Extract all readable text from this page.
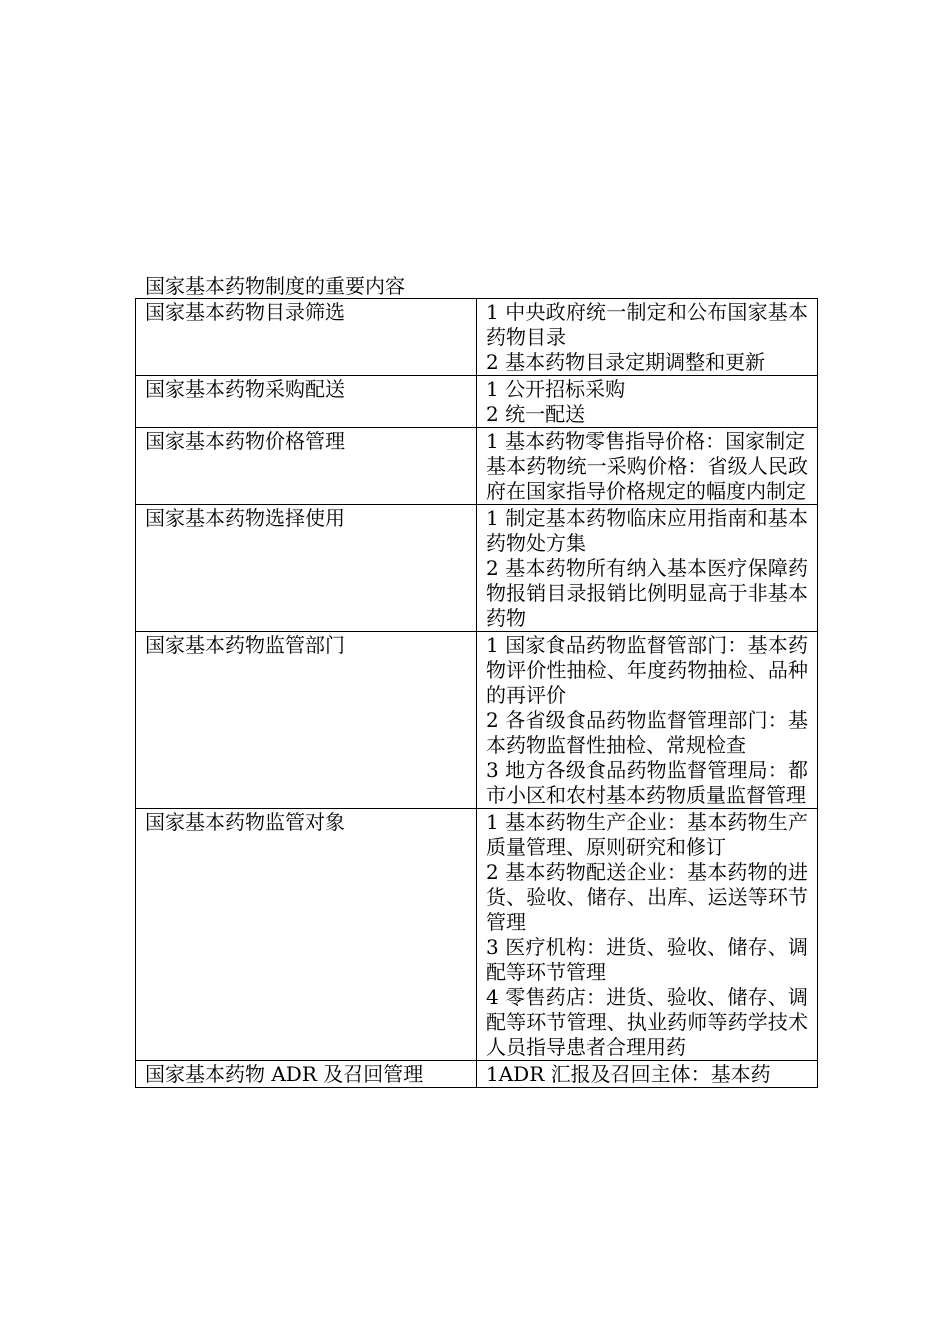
国家基本药物制度的重要内容
国家基本药物目录筛选	1 中央政府统一制定和公布国家基本药物目录
2 基本药物目录定期调整和更新

国家基本药物采购配送	1 公开招标采购
2 统一配送

国家基本药物价格管理	1 基本药物零售指导价格：国家制定
基本药物统一采购价格：省级人民政府在国家指导价格规定的幅度内制定

国家基本药物选择使用	1 制定基本药物临床应用指南和基本药物处方集
2 基本药物所有纳入基本医疗保障药物报销目录报销比例明显高于非基本药物

国家基本药物监管部门	1 国家食品药物监督管部门：基本药物评价性抽检、年度药物抽检、品种的再评价
2 各省级食品药物监督管理部门：基本药物监督性抽检、常规检查
3 地方各级食品药物监督管理局：都市小区和农村基本药物质量监督管理

国家基本药物监管对象	1 基本药物生产企业：基本药物生产质量管理、原则研究和修订
2 基本药物配送企业：基本药物的进货、验收、储存、出库、运送等环节管理
3 医疗机构：进货、验收、储存、调配等环节管理
4 零售药店：进货、验收、储存、调配等环节管理、执业药师等药学技术人员指导患者合理用药

国家基本药物 ADR 及召回管理	1ADR 汇报及召回主体：基本药
